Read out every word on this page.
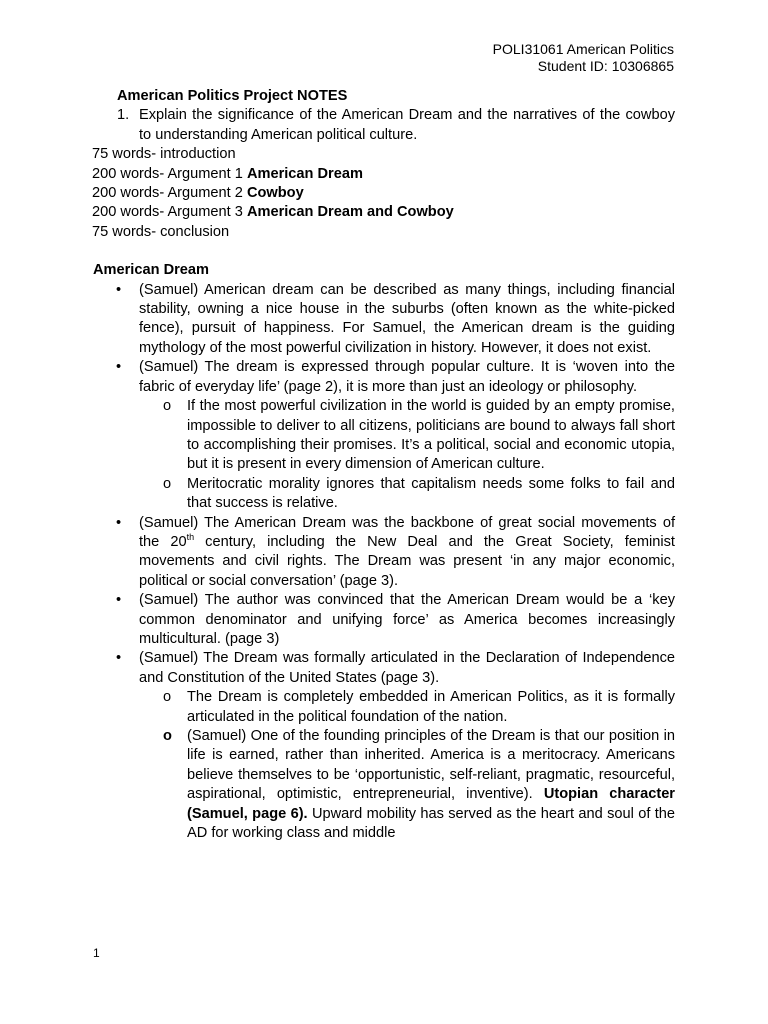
POLI31061 American Politics
Student ID: 10306865
American Politics Project NOTES
1. Explain the significance of the American Dream and the narratives of the cowboy to understanding American political culture.
75 words- introduction
200 words- Argument 1 American Dream
200 words- Argument 2 Cowboy
200 words- Argument 3 American Dream and Cowboy
75 words- conclusion
American Dream
•	(Samuel) American dream can be described as many things, including financial stability, owning a nice house in the suburbs (often known as the white-picked fence), pursuit of happiness. For Samuel, the American dream is the guiding mythology of the most powerful civilization in history. However, it does not exist.
•	(Samuel) The dream is expressed through popular culture. It is ‘woven into the fabric of everyday life’ (page 2), it is more than just an ideology or philosophy.
o	If the most powerful civilization in the world is guided by an empty promise, impossible to deliver to all citizens, politicians are bound to always fall short to accomplishing their promises. It’s a political, social and economic utopia, but it is present in every dimension of American culture.
o	Meritocratic morality ignores that capitalism needs some folks to fail and that success is relative.
•	(Samuel) The American Dream was the backbone of great social movements of the 20th century, including the New Deal and the Great Society, feminist movements and civil rights. The Dream was present ‘in any major economic, political or social conversation’ (page 3).
•	(Samuel) The author was convinced that the American Dream would be a ‘key common denominator and unifying force’ as America becomes increasingly multicultural. (page 3)
•	(Samuel) The Dream was formally articulated in the Declaration of Independence and Constitution of the United States (page 3).
o	The Dream is completely embedded in American Politics, as it is formally articulated in the political foundation of the nation.
o	(Samuel) One of the founding principles of the Dream is that our position in life is earned, rather than inherited. America is a meritocracy. Americans believe themselves to be ‘opportunistic, self-reliant, pragmatic, resourceful, aspirational, optimistic, entrepreneurial, inventive). Utopian character (Samuel, page 6). Upward mobility has served as the heart and soul of the AD for working class and middle
1
